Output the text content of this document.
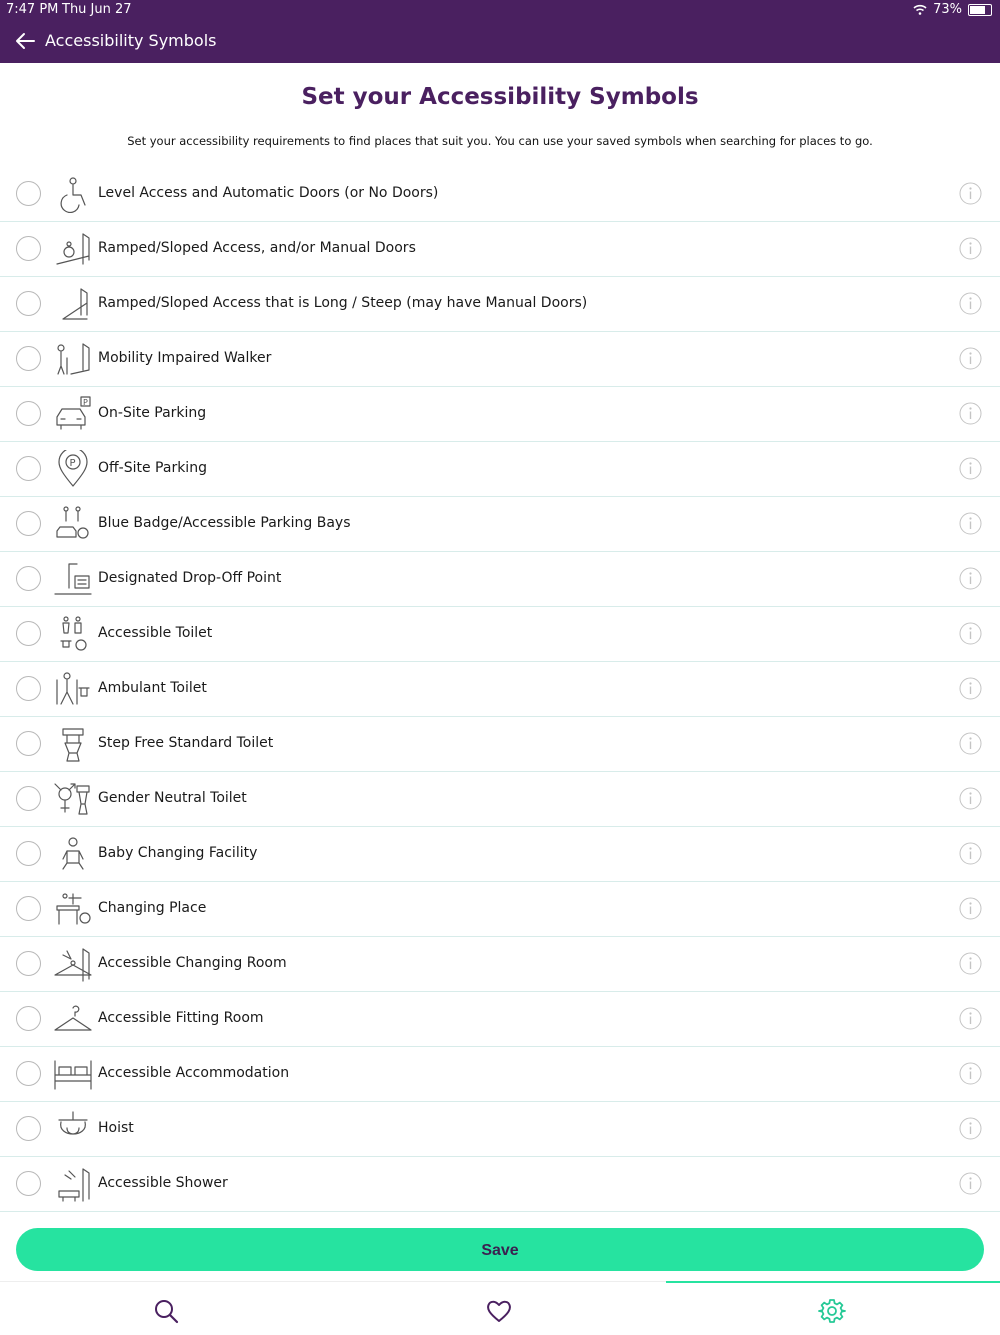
7:47 PM Thu Jun 27	73%
Accessibility Symbols
Set your Accessibility Symbols
Set your accessibility requirements to find places that suit you. You can use your saved symbols when searching for places to go.
Level Access and Automatic Doors (or No Doors)
Ramped/Sloped Access, and/or Manual Doors
Ramped/Sloped Access that is Long / Steep (may have Manual Doors)
Mobility Impaired Walker
P
On-Site Parking
P Off-Site Parking
Blue Badge/Accessible Parking Bays
Designated Drop-Off Point
Accessible Toilet
Ambulant Toilet
Step Free Standard Toilet
Gender Neutral Toilet
Baby Changing Facility
Changing Place
Accessible Changing Room
Accessible Fitting Room
Accessible Accommodation
Hoist
Accessible Shower
Save
